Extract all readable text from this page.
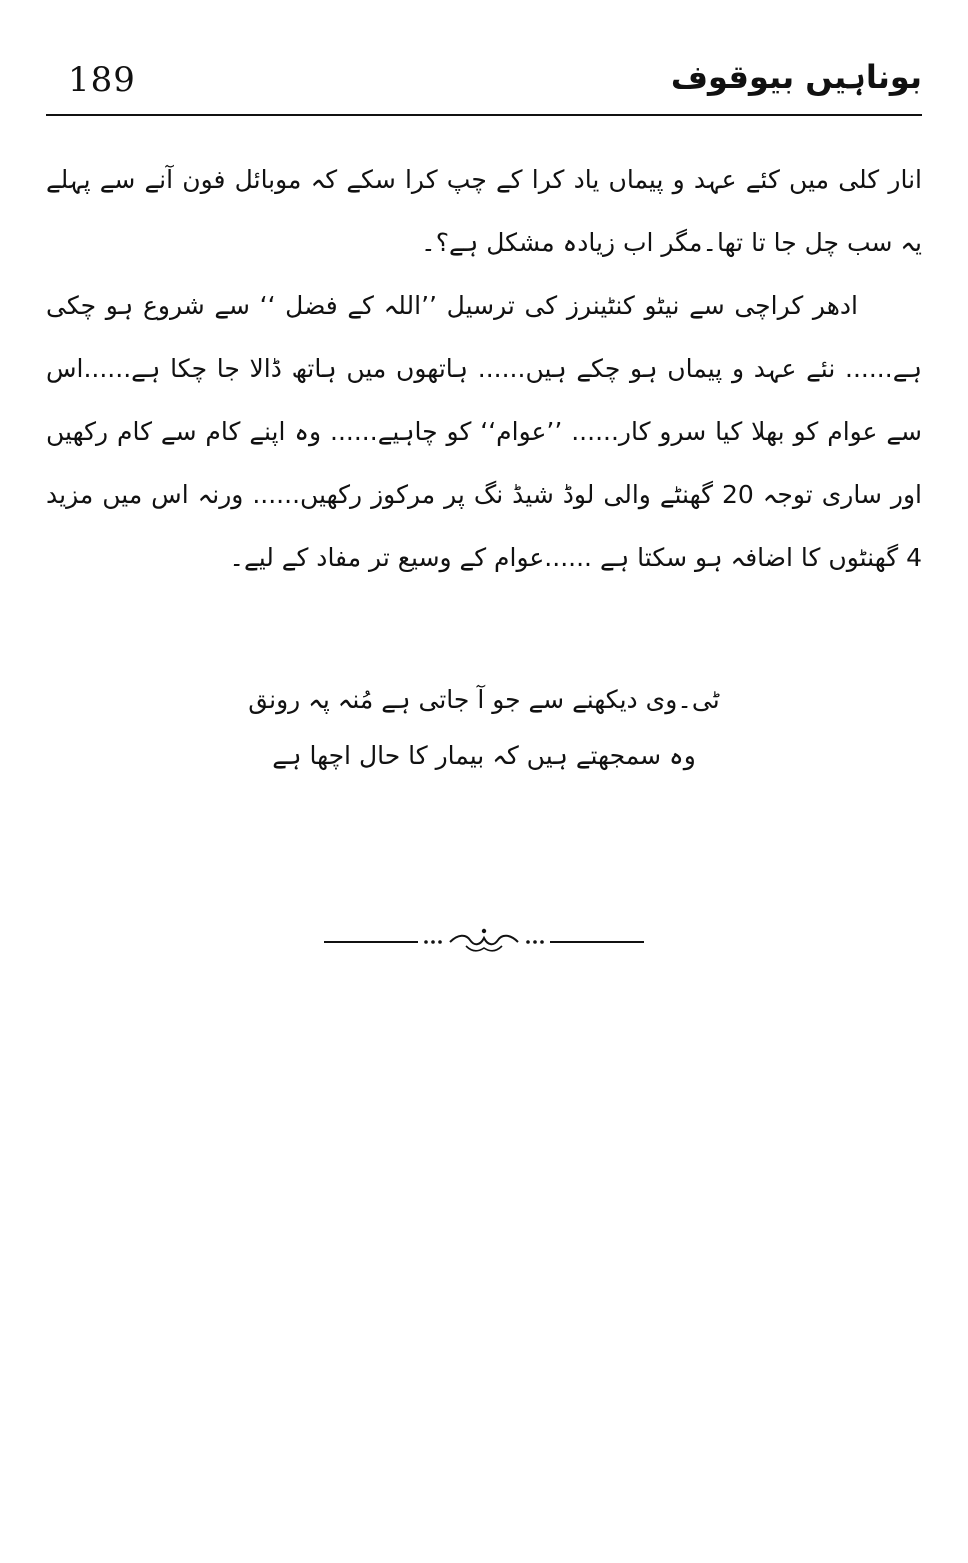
189	بوناہیں بیوقوف

انار کلی میں کئے عہد و پیماں یاد کرا کے چپ کرا سکے کہ موبائل فون آنے سے پہلے یہ سب چل جا تا تھا۔مگر اب زیادہ مشکل ہے؟۔

ادھر کراچی سے نیٹو کنٹینرز کی ترسیل ’’اللہ کے فضل ‘‘ سے شروع ہو چکی ہے...... نئے عہد و پیماں ہو چکے ہیں...... ہاتھوں میں ہاتھ ڈالا جا چکا ہے......اس سے عوام کو بھلا کیا سرو کار...... ’’عوام‘‘ کو چاہیے...... وہ اپنے کام سے کام رکھیں اور ساری توجہ 20 گھنٹے والی لوڈ شیڈ نگ پر مرکوز رکھیں...... ورنہ اس میں مزید 4 گھنٹوں کا اضافہ ہو سکتا ہے ......عوام کے وسیع تر مفاد کے لیے۔

ٹی۔وی دیکھنے سے جو آ جاتی ہے مُنہ پہ رونق
وہ سمجھتے ہیں کہ بیمار کا حال اچھا ہے
